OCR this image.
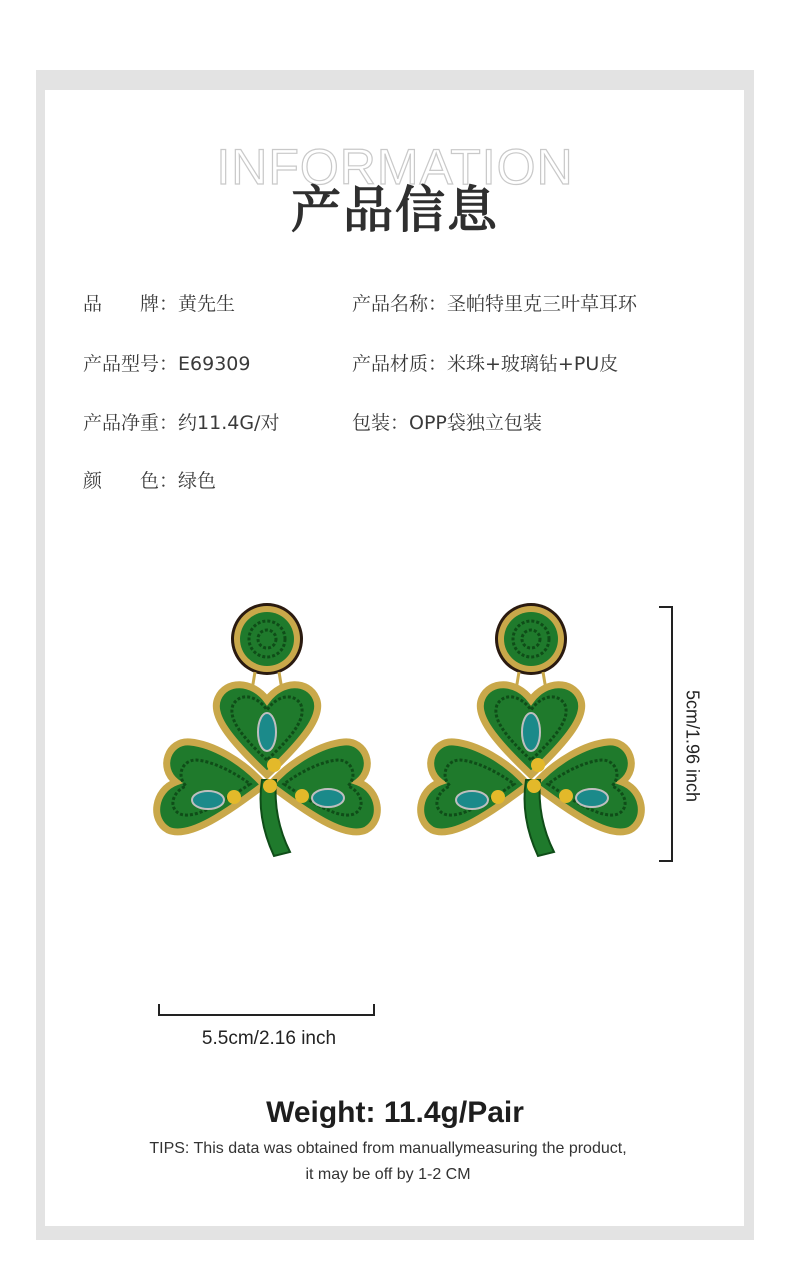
INFORMATION
产品信息
品　　牌：黄先生	产品名称：圣帕特里克三叶草耳环
产品型号：E69309	产品材质：米珠+玻璃钻+PU皮
产品净重：约11.4G/对	包装：OPP袋独立包装
颜　　色：绿色
5.5cm/2.16 inch
5cm/1.96 inch
Weight: 11.4g/Pair
TIPS: This data was obtained from manuallymeasuring the product,
it may be off by 1-2 CM
